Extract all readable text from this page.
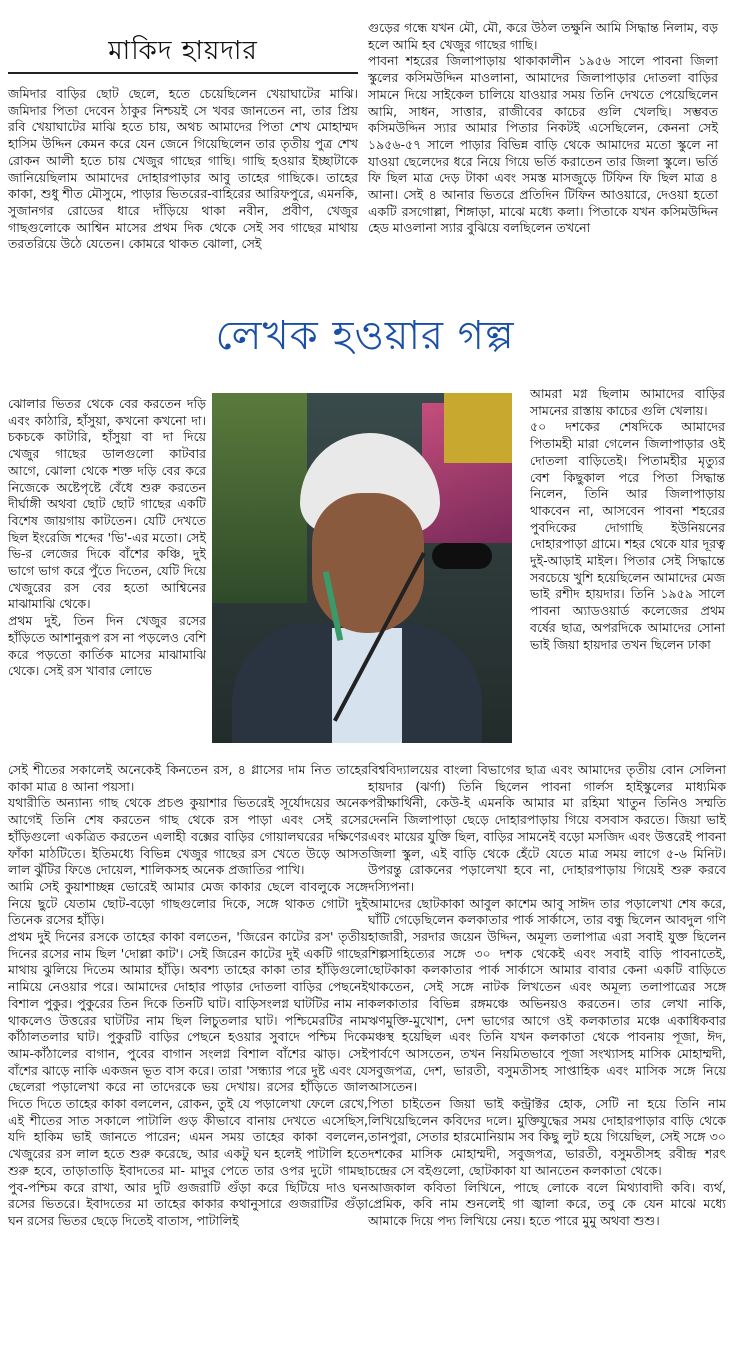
মাকিদ হায়দার

জমিদার বাড়ির ছোট ছেলে, হতে চেয়েছিলেন খেয়াঘাটের মাঝি। জমিদার পিতা দেবেন ঠাকুর নিশ্চয়ই সে খবর জানতেন না, তার প্রিয় রবি খেয়াঘাটের মাঝি হতে চায়, অথচ আমাদের পিতা শেখ মোহাম্মদ হাসিম উদ্দিন কেমন করে যেন জেনে গিয়েছিলেন তার তৃতীয় পুত্র শেখ রোকন আলী হতে চায় খেজুর গাছের গাছি। গাছি হওয়ার ইচ্ছাটাকে জানিয়েছিলাম আমাদের দোহারপাড়ার আবু তাহের গাছিকে। তাহের কাকা, শুধু শীত মৌসুমে, পাড়ার ভিতরের-বাহিরের আরিফপুরে, এমনকি, সুজানগর রোডের ধারে দাঁড়িয়ে থাকা নবীন, প্রবীণ, খেজুর গাছগুলোকে আশ্বিন মাসের প্রথম দিক থেকে সেই সব গাছের মাথায় তরতরিয়ে উঠে যেতেন। কোমরে থাকত ঝোলা, সেই

গুড়ের গন্ধে যখন মৌ, মৌ, করে উঠল তক্ষুনি আমি সিদ্ধান্ত নিলাম, বড় হলে আমি হব খেজুর গাছের গাছি।

পাবনা শহরের জিলাপাড়ায় থাকাকালীন ১৯৫৬ সালে পাবনা জিলা স্কুলের কসিমউদ্দিন মাওলানা, আমাদের জিলাপাড়ার দোতলা বাড়ির সামনে দিয়ে সাইকেল চালিয়ে যাওয়ার সময় তিনি দেখতে পেয়েছিলেন আমি, সাধন, সাত্তার, রাজীবের কাচের গুলি খেলছি। সম্ভবত কসিমউদ্দিন স্যার আমার পিতার নিকটই এসেছিলেন, কেননা সেই ১৯৫৬-৫৭ সালে পাড়ার বিভিন্ন বাড়ি থেকে আমাদের মতো স্কুলে না যাওয়া ছেলেদের ধরে নিয়ে গিয়ে ভর্তি করাতেন তার জিলা স্কুলে। ভর্তি ফি ছিল মাত্র দেড় টাকা এবং সমস্ত মাসজুড়ে টিফিন ফি ছিল মাত্র ৪ আনা। সেই ৪ আনার ভিতরে প্রতিদিন টিফিন আওয়ারে, দেওয়া হতো একটি রসগোল্লা, শিঙ্গাড়া, মাঝে মধ্যে কলা। পিতাকে যখন কসিমউদ্দিন হেড মাওলানা স্যার বুঝিয়ে বলছিলেন তখনো

লেখক হওয়ার গল্প

ঝোলার ভিতর থেকে বের করতেন দড়ি এবং কাঠারি, হাঁসুয়া, কখনো কখনো দা। চকচকে কাটারি, হাঁসুয়া বা দা দিয়ে খেজুর গাছের ডালগুলো কাটবার আগে, ঝোলা থেকে শক্ত দড়ি বের করে নিজেকে অষ্টেপৃষ্টে বেঁধে শুরু করতেন দীর্ঘাঙ্গী অথবা ছোট ছোট গাছের একটি বিশেষ জায়গায় কাটতেন। যেটি দেখতে ছিল ইংরেজি শব্দের 'ভি'-এর মতো। সেই ভি-র লেজের দিকে বাঁশের কঞ্চি, দুই ভাগে ভাগ করে পুঁতে দিতেন, যেটি দিয়ে খেজুরের রস বের হতো আশ্বিনের মাঝামাঝি থেকে।

প্রথম দুই, তিন দিন খেজুর রসের হাঁড়িতে আশানুরূপ রস না পড়লেও বেশি করে পড়তো কার্তিক মাসের মাঝামাঝি থেকে। সেই রস খাবার লোভে

আমরা মগ্ন ছিলাম আমাদের বাড়ির সামনের রাস্তায় কাচের গুলি খেলায়।

৫০ দশকের শেষদিকে আমাদের পিতামহী মারা গেলেন জিলাপাড়ার ওই দোতলা বাড়িতেই। পিতামহীর মৃত্যুর বেশ কিছুকাল পরে পিতা সিদ্ধান্ত নিলেন, তিনি আর জিলাপাড়ায় থাকবেন না, আসবেন পাবনা শহরের পুবদিকের দোগাছি ইউনিয়নের দোহারপাড়া গ্রামে। শহর থেকে যার দূরত্ব দুই-আড়াই মাইল। পিতার সেই সিদ্ধান্তে সবচেয়ে খুশি হয়েছিলেন আমাদের মেজ ভাই রশীদ হায়দার। তিনি ১৯৫৯ সালে পাবনা অ্যাডওয়ার্ড কলেজের প্রথম বর্ষের ছাত্র, অপরদিকে আমাদের সোনা ভাই জিয়া হায়দার তখন ছিলেন ঢাকা

সেই শীতের সকালেই অনেকেই কিনতেন রস, ৪ গ্লাসের দাম নিত তাহের কাকা মাত্র ৪ আনা পয়সা।

যথারীতি অন্যান্য গাছ থেকে প্রচণ্ড কুয়াশার ভিতরেই সূর্যোদয়ের অনেক আগেই তিনি শেষ করতেন গাছ থেকে রস পাড়া এবং সেই রসের হাঁড়িগুলো একত্রিত করতেন এলাহী বক্সের বাড়ির গোয়ালঘরের দক্ষিণের ফাঁকা মাঠটিতে। ইতিমধ্যে বিভিন্ন খেজুর গাছের রস খেতে উড়ে আসত লাল ঝুঁটির ফিঙে দোয়েল, শালিকসহ অনেক প্রজাতির পাখি।

আমি সেই কুয়াশাচ্ছন্ন ভোরেই আমার মেজ কাকার ছেলে বাবলুকে সঙ্গে নিয়ে ছুটে যেতাম ছোট-বড়ো গাছগুলোর দিকে, সঙ্গে থাকত গোটা দুই তিনেক রসের হাঁড়ি।

প্রথম দুই দিনের রসকে তাহের কাকা বলতেন, 'জিরেন কাটের রস' তৃতীয় দিনের রসের নাম ছিল 'দোল্লা কাট'। সেই জিরেন কাটের দুই একটি গাছের মাথায় ঝুলিয়ে দিতেম আমার হাঁড়ি। অবশ্য তাহের কাকা তার হাঁড়িগুলো নামিয়ে নেওয়ার পরে। আমাদের দোহার পাড়ার দোতলা বাড়ির পেছনেই বিশাল পুকুর। পুকুরের তিন দিকে তিনটি ঘাট। বাড়িসংলগ্ন ঘাটটির নাম না থাকলেও উত্তরের ঘাটটির নাম ছিল লিচুতলার ঘাট। পশ্চিমেরটির নাম কাঁঠালতলার ঘাট। পুকুরটি বাড়ির পেছনে হওয়ার সুবাদে পশ্চিম দিকে আম-কাঁঠালের বাগান, পুবের বাগান সংলগ্ন বিশাল বাঁশের ঝাড়। সেই বাঁশের ঝাড়ে নাকি একজন ভূত বাস করে। তারা 'সন্ধ্যার পরে দুষ্ট এবং যে ছেলেরা পড়ালেখা করে না তাদেরকে ভয় দেখায়। রসের হাঁড়িতে জাল দিতে দিতে তাহের কাকা বললেন, রোকন, তুই যে পড়ালেখা ফেলে রেখে, এই শীতের সাত সকালে পাটালি গুড় কীভাবে বানায় দেখতে এসেছিস, যদি হাকিম ভাই জানতে পারেন; এমন সময় তাহের কাকা বললেন, খেজুরের রস লাল হতে শুরু করেছে, আর একটু ঘন হলেই পাটালি হতে শুরু হবে, তাড়াতাড়ি ইবাদতের মা- মাদুর পেতে তার ওপর দুটো গামছা পুব-পশ্চিম করে রাখা, আর দুটি গুজরাটি গুঁড়া করে ছিটিয়ে দাও ঘন রসের ভিতরে। ইবাদতের মা তাহের কাকার কথানুসারে গুজরাটির গুঁড়া ঘন রসের ভিতর ছেড়ে দিতেই বাতাস, পাটালিই

বিশ্ববিদ্যালয়ের বাংলা বিভাগের ছাত্র এবং আমাদের তৃতীয় বোন সেলিনা হায়দার (ঝর্ণা) তিনি ছিলেন পাবনা গার্লস হাইস্কুলের মাধ্যমিক পরীক্ষার্থিনী, কেউ-ই এমনকি আমার মা রহিমা খাতুন তিনিও সম্মতি দেননি জিলাপাড়া ছেড়ে দোহারপাড়ায় গিয়ে বসবাস করতে। জিয়া ভাই এবং মায়ের যুক্তি ছিল, বাড়ির সামনেই বড়ো মসজিদ এবং উত্তরেই পাবনা জিলা স্কুল, এই বাড়ি থেকে হেঁটে যেতে মাত্র সময় লাগে ৫-৬ মিনিট। উপরন্তু রোকনের পড়ালেখা হবে না, দোহারপাড়ায় গিয়েই শুরু করবে দস্যিপনা।

আমাদের ছোটকাকা আবুল কাশেম আবু সাঈদ তার পড়ালেখা শেষ করে, ঘাঁটি গেড়েছিলেন কলকাতার পার্ক সার্কাসে, তার বন্ধু ছিলেন আবদুল গণি হাজারী, সরদার জয়েন উদ্দিন, অমূল্য তলাপাত্র এরা সবাই যুক্ত ছিলেন শিল্পসাহিত্যের সঙ্গে ৩০ দশক থেকেই এবং সবাই বাড়ি পাবনাতেই, ছোটকাকা কলকাতার পার্ক সার্কাসে আমার বাবার কেনা একটি বাড়িতে থাকতেন, সেই সঙ্গে নাটক লিখতেন এবং অমূল্য তলাপাত্রের সঙ্গে কলকাতার বিভিন্ন রঙ্গমঞ্চে অভিনয়ও করতেন। তার লেখা নাকি, ঋণমুক্তি-মুখোশ, দেশ ভাগের আগে ওই কলকাতার মঞ্চে একাধিকবার মঞ্চস্থ হয়েছিল এবং তিনি যখন কলকাতা থেকে পাবনায় পূজা, ঈদ, পার্বণে আসতেন, তখন নিয়মিতভাবে পূজা সংখ্যাসহ মাসিক মোহাম্মদী, সবুজপত্র, দেশ, ভারতী, বসুমতীসহ সাপ্তাহিক এবং মাসিক সঙ্গে নিয়ে আসতেন।

পিতা চাইতেন জিয়া ভাই কন্ট্রাক্টর হোক, সেটি না হয়ে তিনি নাম লিখিয়েছিলেন কবিদের দলে। মুক্তিযুদ্ধের সময় দোহারপাড়ার বাড়ি থেকে তানপুরা, সেতার হারমোনিয়াম সব কিছু লুট হয়ে গিয়েছিল, সেই সঙ্গে ৩০ দশকের মাসিক মোহাম্মদী, সবুজপত্র, ভারতী, বসুমতীসহ রবীন্দ্র শরৎ চন্দ্রের সে বইগুলো, ছোটকাকা যা আনতেন কলকাতা থেকে।

আজকাল কবিতা লিখিনে, পাছে লোকে বলে মিথ্যাবাদী কবি। ব্যর্থ, প্রেমিক, কবি নাম শুনলেই গা জ্বালা করে, তবু কে যেন মাঝে মধ্যে আমাকে দিয়ে পদ্য লিখিয়ে নেয়। হতে পারে মুমু অথবা শুশু।
